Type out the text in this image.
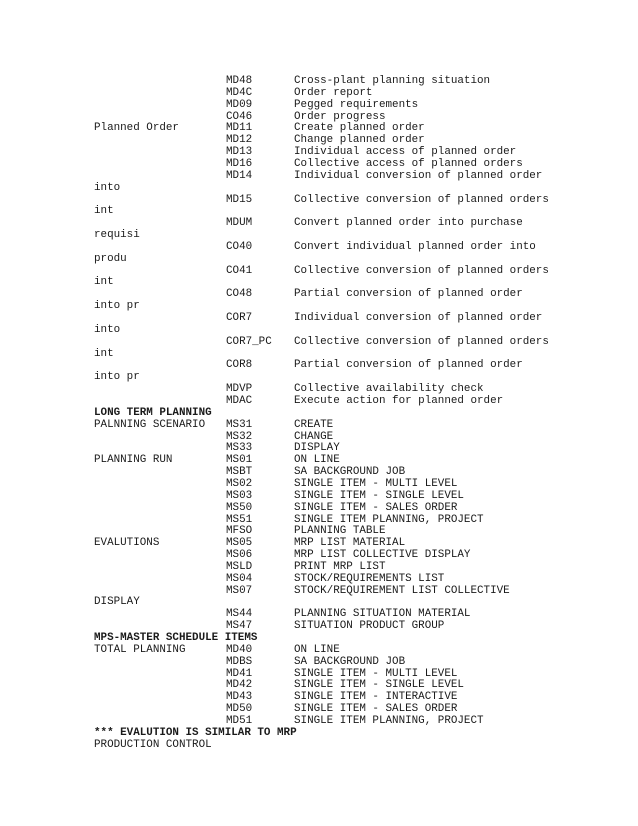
MD48	Cross-plant planning situation
MD4C	Order report
MD09	Pegged requirements
CO46	Order progress
Planned Order	MD11	Create planned order
MD12	Change planned order
MD13	Individual access of planned order
MD16	Collective access of planned orders
MD14	Individual conversion of planned order
into
MD15	Collective conversion of planned orders
int
MDUM	Convert planned order into purchase
requisi
CO40	Convert individual planned order into
produ
CO41	Collective conversion of planned orders
int
CO48	Partial conversion of planned order
into pr
COR7	Individual conversion of planned order
into
COR7_PC Collective conversion of planned orders
int
COR8	Partial conversion of planned order
into pr
MDVP	Collective availability check
MDAC	Execute action for planned order
LONG TERM PLANNING
PALNNING SCENARIO MS31	CREATE
MS32	CHANGE
MS33	DISPLAY
PLANNING RUN	MS01	ON LINE
MSBT	SA BACKGROUND JOB
MS02	SINGLE ITEM - MULTI LEVEL
MS03	SINGLE ITEM - SINGLE LEVEL
MS50	SINGLE ITEM - SALES ORDER
MS51	SINGLE ITEM PLANNING, PROJECT
MFSO	PLANNING TABLE
EVALUTIONS	MS05	MRP LIST MATERIAL
MS06	MRP LIST COLLECTIVE DISPLAY
MSLD	PRINT MRP LIST
MS04	STOCK/REQUIREMENTS LIST
MS07	STOCK/REQUIREMENT LIST COLLECTIVE
DISPLAY
MS44	PLANNING SITUATION MATERIAL
MS47	SITUATION PRODUCT GROUP
MPS-MASTER SCHEDULE ITEMS
TOTAL PLANNING	MD40	ON LINE
MDBS	SA BACKGROUND JOB
MD41	SINGLE ITEM - MULTI LEVEL
MD42	SINGLE ITEM - SINGLE LEVEL
MD43	SINGLE ITEM - INTERACTIVE
MD50	SINGLE ITEM - SALES ORDER
MD51	SINGLE ITEM PLANNING, PROJECT
*** EVALUTION IS SIMILAR TO MRP
PRODUCTION CONTROL
